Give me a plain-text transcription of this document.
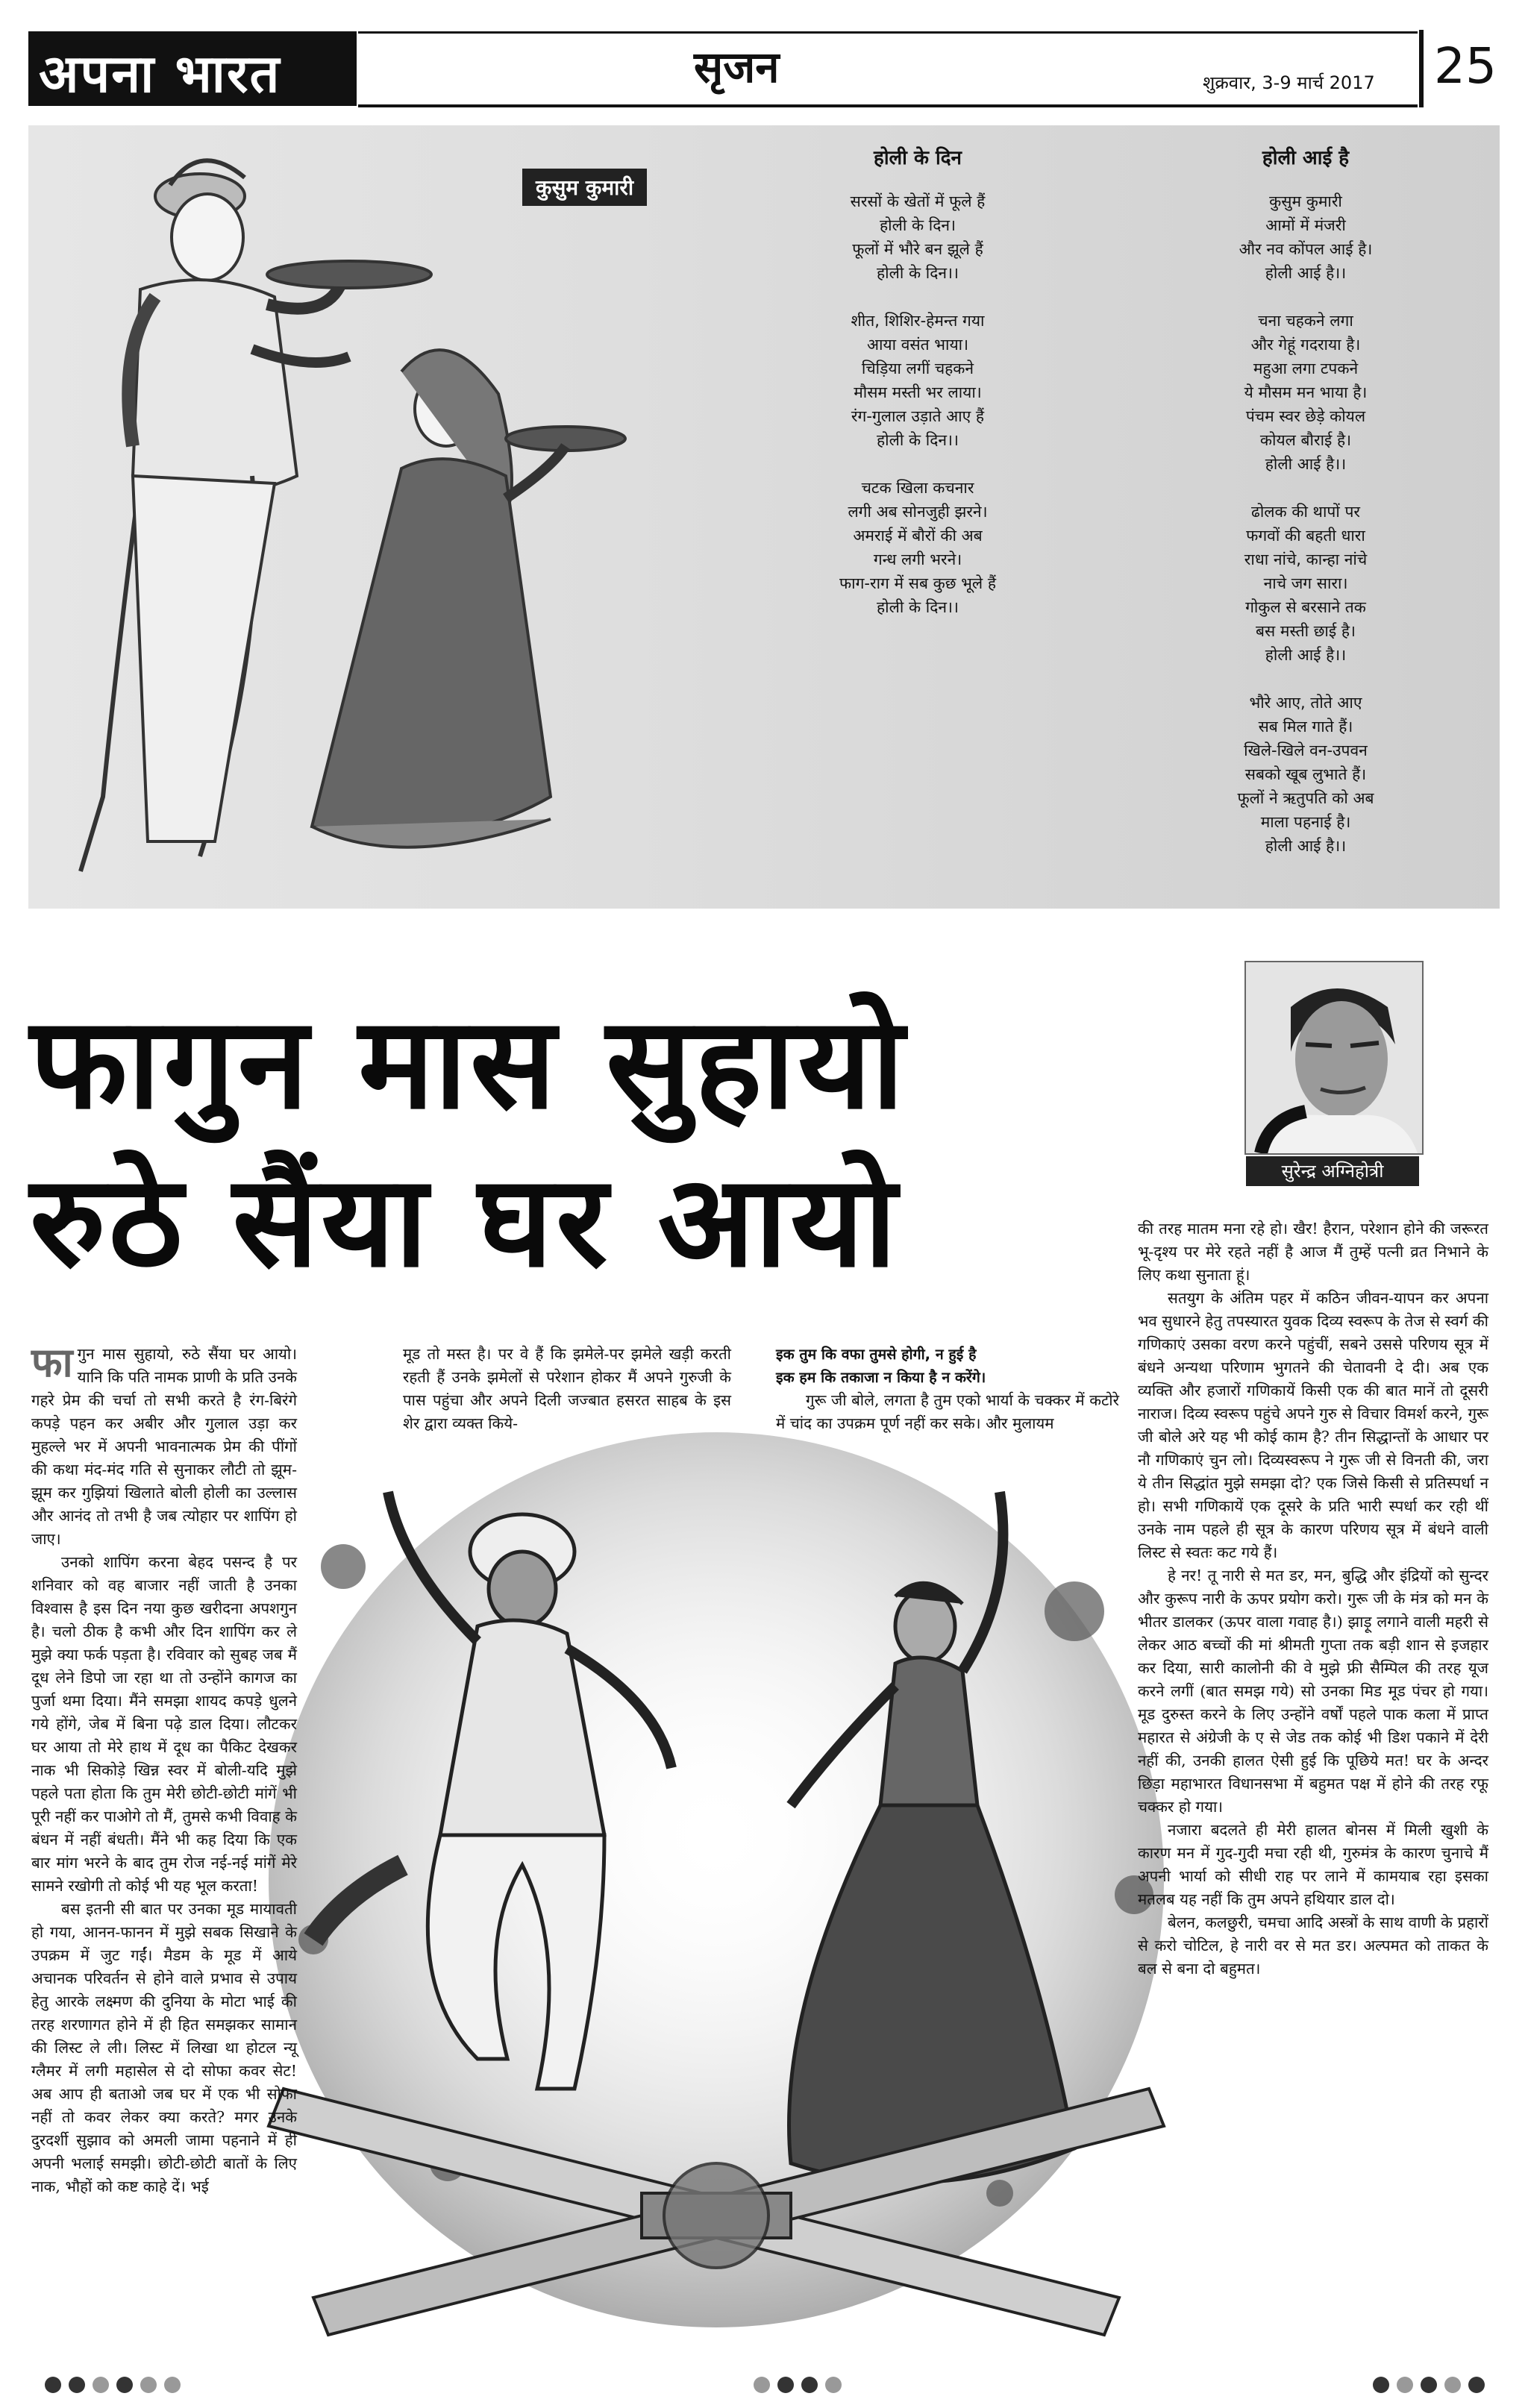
अपना भारत	सृजन	शुक्रवार, 3-9 मार्च 2017 25
कुसुम कुमारी
होली के दिन
सरसों के खेतों में फूले हैं
होली के दिन।
फूलों में भौरे बन झूले हैं
होली के दिन।।
शीत, शिशिर-हेमन्त गया
आया वसंत भाया।
चिड़िया लगीं चहकने
मौसम मस्ती भर लाया।
रंग-गुलाल उड़ाते आए हैं
होली के दिन।।
चटक खिला कचनार
लगी अब सोनजुही झरने।
अमराई में बौरों की अब
गन्ध लगी भरने।
फाग-राग में सब कुछ भूले हैं
होली के दिन।।
होली आई है
कुसुम कुमारी
आमों में मंजरी
और नव कोंपल आई है।
होली आई है।।
चना चहकने लगा
और गेहूं गदराया है।
महुआ लगा टपकने
ये मौसम मन भाया है।
पंचम स्वर छेड़े कोयल
कोयल बौराई है।
होली आई है।।
ढोलक की थापों पर
फगवों की बहती धारा
राधा नांचे, कान्हा नांचे
नाचे जग सारा।
गोकुल से बरसाने तक
बस मस्ती छाई है।
होली आई है।।
भौरे आए, तोते आए
सब मिल गाते हैं।
खिले-खिले वन-उपवन
सबको खूब लुभाते हैं।
फूलों ने ऋतुपति को अब
माला पहनाई है।
होली आई है।।
फागुन मास सुहायो
रुठे सैंया घर आयो	सुरेन्द्र अग्निहोत्री

फागुन मास सुहायो, रुठे सैंया घर आयो। यानि कि पति नामक प्राणी के प्रति उनके गहरे प्रेम की चर्चा तो सभी करते है रंग-बिरंगे कपड़े पहन कर अबीर और गुलाल उड़ा कर मुहल्ले भर में अपनी भावनात्मक प्रेम की पींगों की कथा मंद-मंद गति से सुनाकर लौटी तो झूम-झूम कर गुझियां खिलाते बोली होली का उल्लास और आनंद तो तभी है जब त्योहार पर शापिंग हो जाए।

उनको शापिंग करना बेहद पसन्द है पर शनिवार को वह बाजार नहीं जाती है उनका विश्वास है इस दिन नया कुछ खरीदना अपशगुन है। चलो ठीक है कभी और दिन शापिंग कर ले मुझे क्या फर्क पड़ता है। रविवार को सुबह जब मैं दूध लेने डिपो जा रहा था तो उन्होंने कागज का पुर्जा थमा दिया। मैंने समझा शायद कपड़े धुलने गये होंगे, जेब में बिना पढ़े डाल दिया। लौटकर घर आया तो मेरे हाथ में दूध का पैकिट देखकर नाक भी सिकोड़े खिन्न स्वर में बोली-यदि मुझे पहले पता होता कि तुम मेरी छोटी-छोटी मांगें भी पूरी नहीं कर पाओगे तो मैं, तुमसे कभी विवाह के बंधन में नहीं बंधती। मैंने भी कह दिया कि एक बार मांग भरने के बाद तुम रोज नई-नई मांगें मेरे सामने रखोगी तो कोई भी यह भूल करता!

बस इतनी सी बात पर उनका मूड मायावती हो गया, आनन-फानन में मुझे सबक सिखाने के उपक्रम में जुट गईं। मैडम के मूड में आये अचानक परिवर्तन से होने वाले प्रभाव से उपाय हेतु आरके लक्ष्मण की दुनिया के मोटा भाई की तरह शरणागत होने में ही हित समझकर सामान की लिस्ट ले ली। लिस्ट में लिखा था होटल न्यू ग्लैमर में लगी महासेल से दो सोफा कवर सेट! अब आप ही बताओ जब घर में एक भी सोफा नहीं तो कवर लेकर क्या करते? मगर उनके दुरदर्शी सुझाव को अमली जामा पहनाने में ही अपनी भलाई समझी। छोटी-छोटी बातों के लिए नाक, भौहों को कष्ट काहे दें। भई

मूड तो मस्त है। पर वे हैं कि झमेले-पर झमेले खड़ी करती रहती हैं उनके झमेलों से परेशान होकर मैं अपने गुरुजी के पास पहुंचा और अपने दिली जज्बात हसरत साहब के इस शेर द्वारा व्यक्त किये-

इक तुम कि वफा तुमसे होगी, न हुई है

इक हम कि तकाजा न किया है न करेंगे।

गुरू जी बोले, लगता है तुम एको भार्या के चक्कर में कटोरे में चांद का उपक्रम पूर्ण नहीं कर सके। और मुलायम

की तरह मातम मना रहे हो। खैर! हैरान, परेशान होने की जरूरत भू-दृश्य पर मेरे रहते नहीं है आज मैं तुम्हें पत्नी व्रत निभाने के लिए कथा सुनाता हूं।

सतयुग के अंतिम पहर में कठिन जीवन-यापन कर अपना भव सुधारने हेतु तपस्यारत युवक दिव्य स्वरूप के तेज से स्वर्ग की गणिकाएं उसका वरण करने पहुंचीं, सबने उससे परिणय सूत्र में बंधने अन्यथा परिणाम भुगतने की चेतावनी दे दी। अब एक व्यक्ति और हजारों गणिकायें किसी एक की बात मानें तो दूसरी नाराज। दिव्य स्वरूप पहुंचे अपने गुरु से विचार विमर्श करने, गुरू जी बोले अरे यह भी कोई काम है? तीन सिद्धान्तों के आधार पर नौ गणिकाएं चुन लो। दिव्यस्वरूप ने गुरू जी से विनती की, जरा ये तीन सिद्धांत मुझे समझा दो? एक जिसे किसी से प्रतिस्पर्धा न हो। सभी गणिकायें एक दूसरे के प्रति भारी स्पर्धा कर रही थीं उनके नाम पहले ही सूत्र के कारण परिणय सूत्र में बंधने वाली लिस्ट से स्वतः कट गये हैं।

हे नर! तू नारी से मत डर, मन, बुद्धि और इंद्रियों को सुन्दर और कुरूप नारी के ऊपर प्रयोग करो। गुरू जी के मंत्र को मन के भीतर डालकर (ऊपर वाला गवाह है।) झाड़ू लगाने वाली महरी से लेकर आठ बच्चों की मां श्रीमती गुप्ता तक बड़ी शान से इजहार कर दिया, सारी कालोनी की वे मुझे फ्री सैम्पिल की तरह यूज करने लगीं (बात समझ गये) सो उनका मिड मूड पंचर हो गया। मूड दुरुस्त करने के लिए उन्होंने वर्षों पहले पाक कला में प्राप्त महारत से अंग्रेजी के ए से जेड तक कोई भी डिश पकाने में देरी नहीं की, उनकी हालत ऐसी हुई कि पूछिये मत! घर के अन्दर छिड़ा महाभारत विधानसभा में बहुमत पक्ष में होने की तरह रफू चक्कर हो गया।

नजारा बदलते ही मेरी हालत बोनस में मिली खुशी के कारण मन में गुद-गुदी मचा रही थी, गुरुमंत्र के कारण चुनाचे मैं अपनी भार्या को सीधी राह पर लाने में कामयाब रहा इसका मतलब यह नहीं कि तुम अपने हथियार डाल दो।

बेलन, कलछुरी, चमचा आदि अस्त्रों के साथ वाणी के प्रहारों से करो चोटिल, हे नारी वर से मत डर। अल्पमत को ताकत के बल से बना दो बहुमत।
